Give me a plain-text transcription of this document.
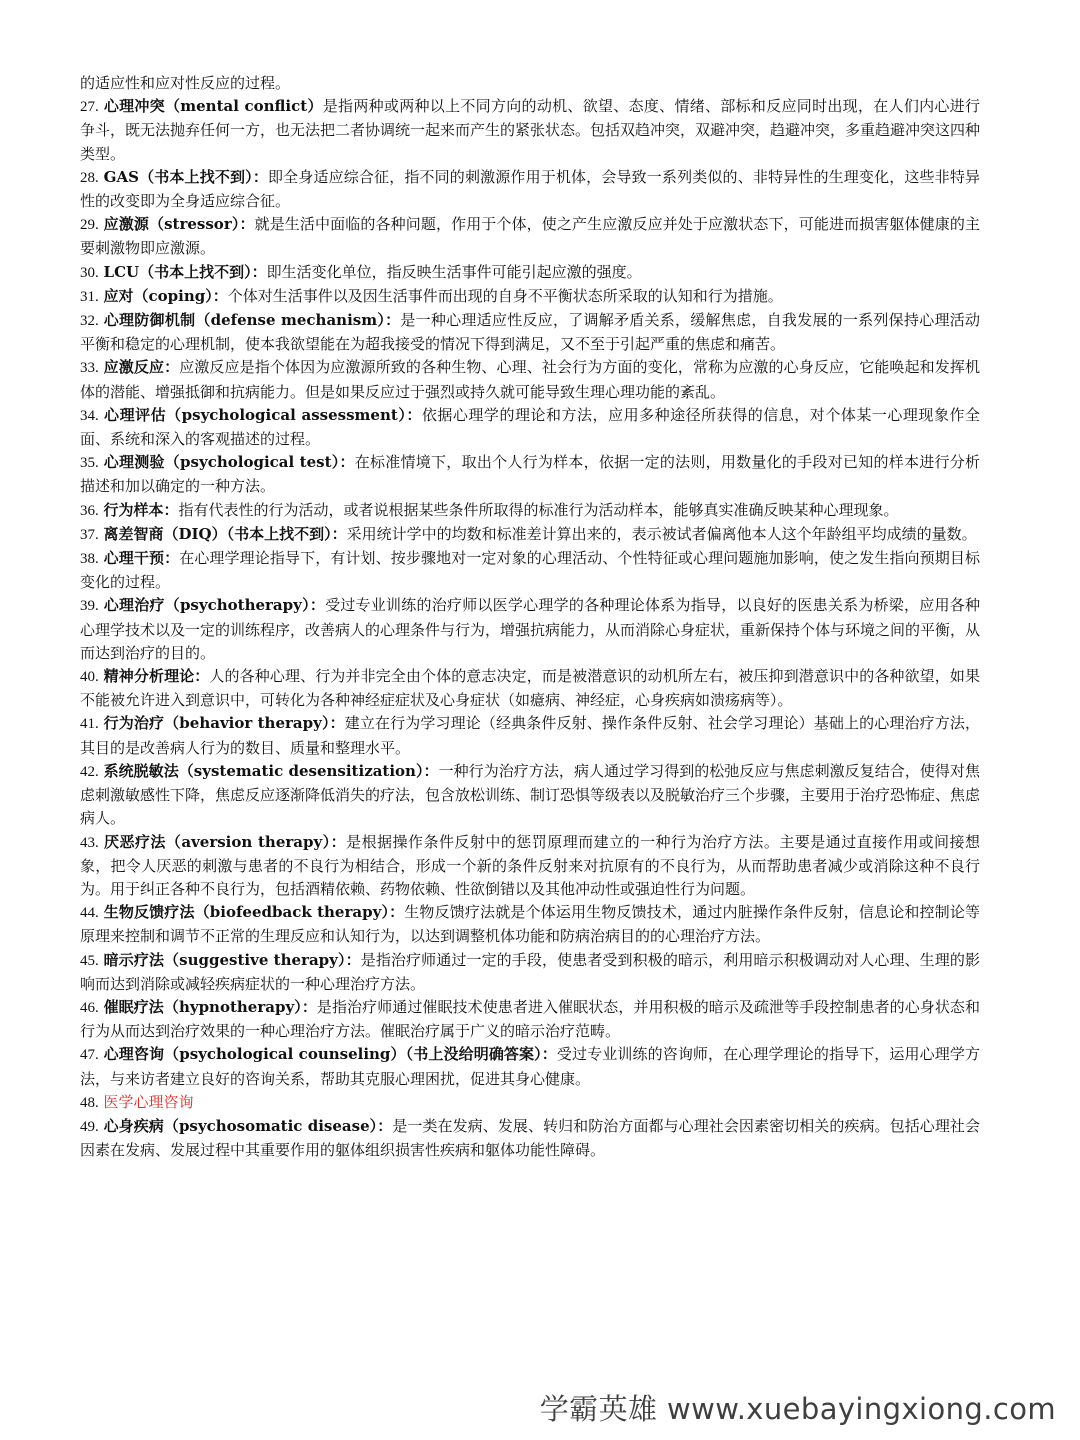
的适应性和应对性反应的过程。

27. 心理冲突（mental conflict）是指两种或两种以上不同方向的动机、欲望、态度、情绪、部标和反应同时出现，在人们内心进行争斗，既无法抛弃任何一方，也无法把二者协调统一起来而产生的紧张状态。包括双趋冲突，双避冲突，趋避冲突，多重趋避冲突这四种类型。

28. GAS（书本上找不到）：即全身适应综合征，指不同的刺激源作用于机体，会导致一系列类似的、非特异性的生理变化，这些非特异性的改变即为全身适应综合征。

29. 应激源（stressor）：就是生活中面临的各种问题，作用于个体，使之产生应激反应并处于应激状态下，可能进而损害躯体健康的主要刺激物即应激源。

30. LCU（书本上找不到）：即生活变化单位，指反映生活事件可能引起应激的强度。

31. 应对（coping）：个体对生活事件以及因生活事件而出现的自身不平衡状态所采取的认知和行为措施。

32. 心理防御机制（defense mechanism）：是一种心理适应性反应，了调解矛盾关系，缓解焦虑，自我发展的一系列保持心理活动平衡和稳定的心理机制，使本我欲望能在为超我接受的情况下得到满足，又不至于引起严重的焦虑和痛苦。

33. 应激反应：应激反应是指个体因为应激源所致的各种生物、心理、社会行为方面的变化，常称为应激的心身反应，它能唤起和发挥机体的潜能、增强抵御和抗病能力。但是如果反应过于强烈或持久就可能导致生理心理功能的紊乱。

34. 心理评估（psychological assessment）：依据心理学的理论和方法，应用多种途径所获得的信息，对个体某一心理现象作全面、系统和深入的客观描述的过程。

35. 心理测验（psychological test）：在标准情境下，取出个人行为样本，依据一定的法则，用数量化的手段对已知的样本进行分析描述和加以确定的一种方法。

36. 行为样本：指有代表性的行为活动，或者说根据某些条件所取得的标准行为活动样本，能够真实准确反映某种心理现象。

37. 离差智商（DIQ）（书本上找不到）：采用统计学中的均数和标准差计算出来的，表示被试者偏离他本人这个年龄组平均成绩的量数。

38. 心理干预：在心理学理论指导下，有计划、按步骤地对一定对象的心理活动、个性特征或心理问题施加影响，使之发生指向预期目标变化的过程。

39. 心理治疗（psychotherapy）：受过专业训练的治疗师以医学心理学的各种理论体系为指导，以良好的医患关系为桥梁，应用各种心理学技术以及一定的训练程序，改善病人的心理条件与行为，增强抗病能力，从而消除心身症状，重新保持个体与环境之间的平衡，从而达到治疗的目的。

40. 精神分析理论：人的各种心理、行为并非完全由个体的意志决定，而是被潜意识的动机所左右，被压抑到潜意识中的各种欲望，如果不能被允许进入到意识中，可转化为各种神经症症状及心身症状（如癔病、神经症，心身疾病如溃疡病等）。

41. 行为治疗（behavior therapy）：建立在行为学习理论（经典条件反射、操作条件反射、社会学习理论）基础上的心理治疗方法，其目的是改善病人行为的数目、质量和整理水平。

42. 系统脱敏法（systematic desensitization）：一种行为治疗方法，病人通过学习得到的松弛反应与焦虑刺激反复结合，使得对焦虑刺激敏感性下降，焦虑反应逐渐降低消失的疗法，包含放松训练、制订恐惧等级表以及脱敏治疗三个步骤，主要用于治疗恐怖症、焦虑病人。

43. 厌恶疗法（aversion therapy）：是根据操作条件反射中的惩罚原理而建立的一种行为治疗方法。主要是通过直接作用或间接想象，把令人厌恶的刺激与患者的不良行为相结合，形成一个新的条件反射来对抗原有的不良行为，从而帮助患者减少或消除这种不良行为。用于纠正各种不良行为，包括酒精依赖、药物依赖、性欲倒错以及其他冲动性或强迫性行为问题。

44. 生物反馈疗法（biofeedback therapy）：生物反馈疗法就是个体运用生物反馈技术，通过内脏操作条件反射，信息论和控制论等原理来控制和调节不正常的生理反应和认知行为，以达到调整机体功能和防病治病目的的心理治疗方法。

45. 暗示疗法（suggestive therapy）：是指治疗师通过一定的手段，使患者受到积极的暗示，利用暗示积极调动对人心理、生理的影响而达到消除或减轻疾病症状的一种心理治疗方法。

46. 催眠疗法（hypnotherapy）：是指治疗师通过催眠技术使患者进入催眠状态，并用积极的暗示及疏泄等手段控制患者的心身状态和行为从而达到治疗效果的一种心理治疗方法。催眠治疗属于广义的暗示治疗范畴。

47. 心理咨询（psychological counseling）（书上没给明确答案）：受过专业训练的咨询师，在心理学理论的指导下，运用心理学方法，与来访者建立良好的咨询关系，帮助其克服心理困扰，促进其身心健康。

48. 医学心理咨询

49. 心身疾病（psychosomatic disease）：是一类在发病、发展、转归和防治方面都与心理社会因素密切相关的疾病。包括心理社会因素在发病、发展过程中其重要作用的躯体组织损害性疾病和躯体功能性障碍。

学霸英雄 www.xuebayingxiong.com
